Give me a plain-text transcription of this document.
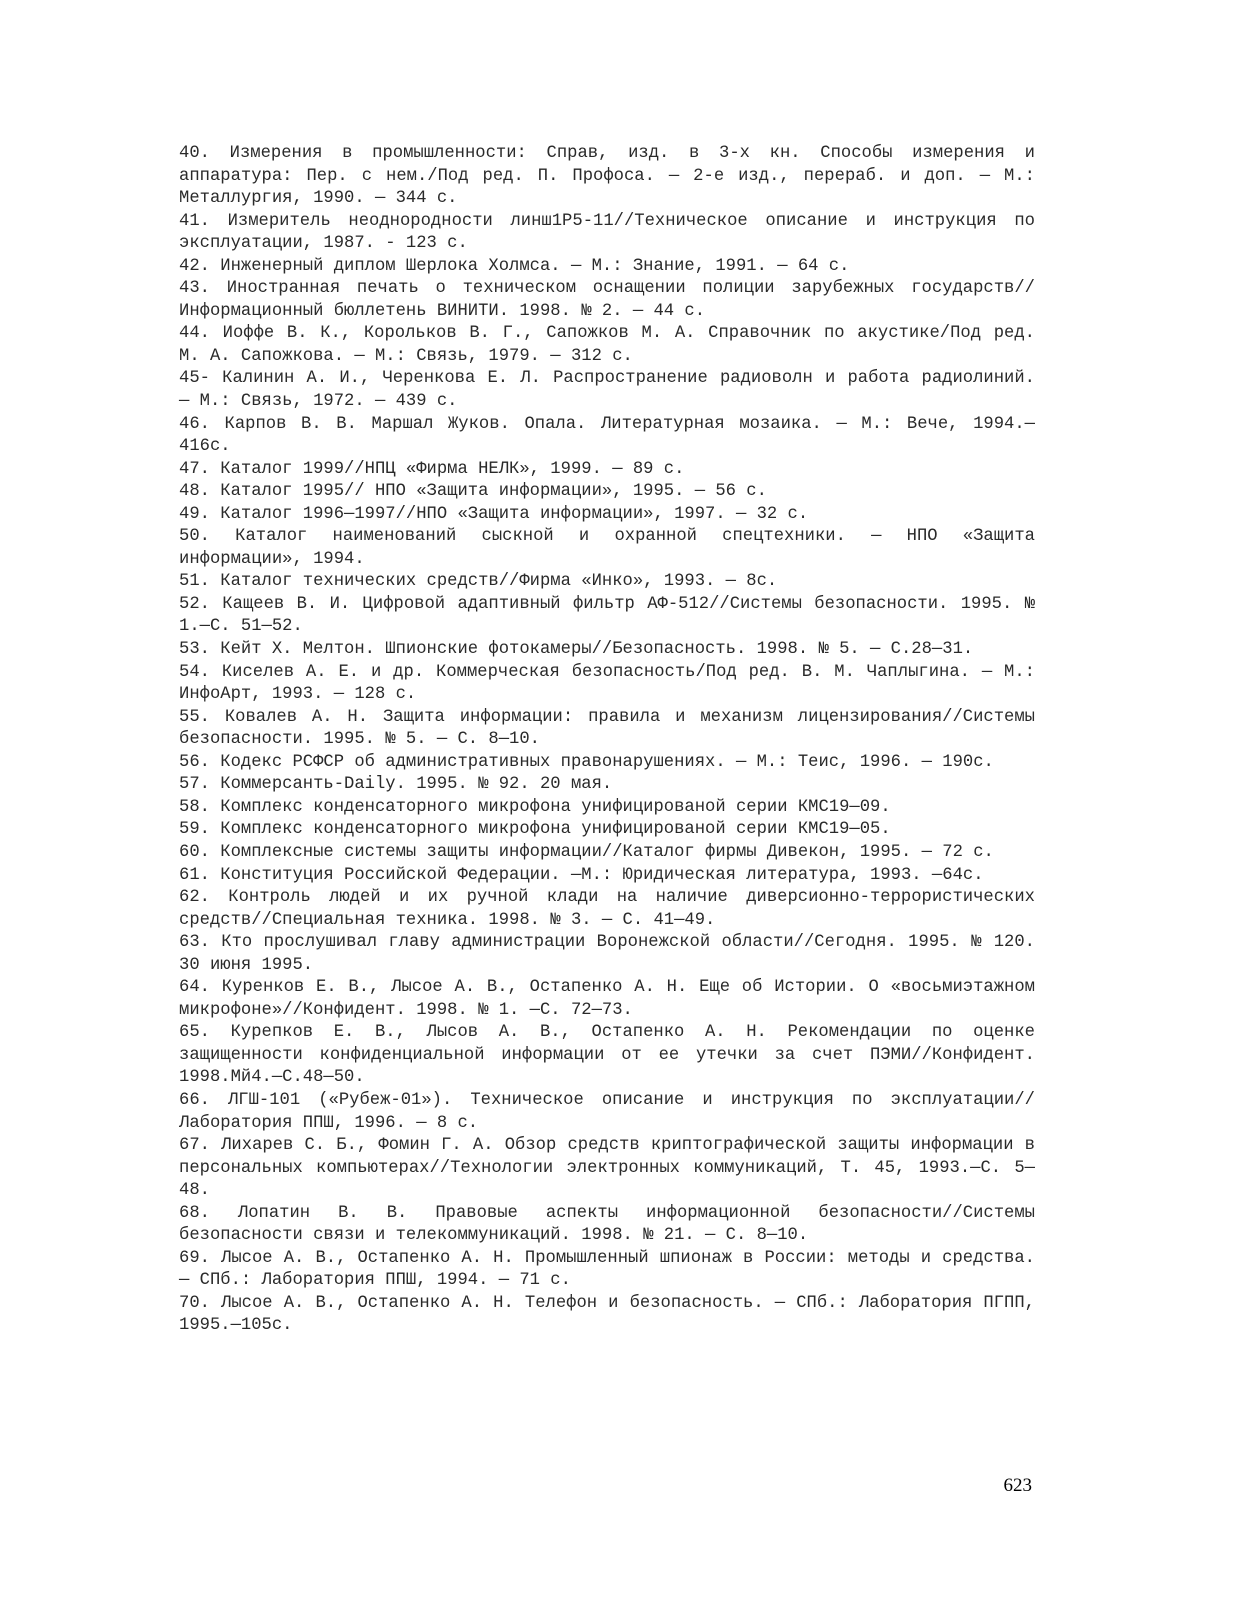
40. Измерения в промышленности: Справ, изд. в 3-х кн. Способы измерения и аппаратура: Пер. с нем./Под ред. П. Профоса. — 2-е изд., перераб. и доп. — М.: Металлургия, 1990. — 344 с.

41. Измеритель неоднородности линш1Р5-11//Техническое описание и инструкция по эксплуатации, 1987. - 123 с.

42. Инженерный диплом Шерлока Холмса. — М.: Знание, 1991. — 64 с.

43. Иностранная печать о техническом оснащении полиции зарубежных государств//Информационный бюллетень ВИНИТИ. 1998. № 2. — 44 с.

44. Иоффе В. К., Корольков В. Г., Сапожков М. А. Справочник по акустике/Под ред. М. А. Сапожкова. — М.: Связь, 1979. — 312 с.

45- Калинин А. И., Черенкова Е. Л. Распространение радиоволн и работа радиолиний. — М.: Связь, 1972. — 439 с.

46. Карпов В. В. Маршал Жуков. Опала. Литературная мозаика. — М.: Вече, 1994.—416с.

47. Каталог 1999//НПЦ «Фирма НЕЛК», 1999. — 89 с.

48. Каталог 1995// НПО «Защита информации», 1995. — 56 с.

49. Каталог 1996—1997//НПО «Защита информации», 1997. — 32 с.

50. Каталог наименований сыскной и охранной спецтехники. — НПО «Защита информации», 1994.

51. Каталог технических средств//Фирма «Инко», 1993. — 8с.

52. Кащеев В. И. Цифровой адаптивный фильтр АФ-512//Системы безопасности. 1995. № 1.—С. 51—52.

53. Кейт X. Мелтон. Шпионские фотокамеры//Безопасность. 1998. № 5. — С.28—31.

54. Киселев А. Е. и др. Коммерческая безопасность/Под ред. В. М. Чаплыгина. — М.: ИнфоАрт, 1993. — 128 с.

55. Ковалев А. Н. Защита информации: правила и механизм лицензирования//Системы безопасности. 1995. № 5. — С. 8—10.

56. Кодекс РСФСР об административных правонарушениях. — М.: Теис, 1996. — 190с.

57. Коммерсанть-Daily. 1995. № 92. 20 мая.

58. Комплекс конденсаторного микрофона унифицированой серии КМС19—09.

59. Комплекс конденсаторного микрофона унифицированой серии КМС19—05.

60. Комплексные системы защиты информации//Каталог фирмы Дивекон, 1995. — 72 с.

61. Конституция Российской Федерации. —М.: Юридическая литература, 1993. —64с.

62. Контроль людей и их ручной клади на наличие диверсионно-террористических средств//Специальная техника. 1998. № 3. — С. 41—49.

63. Кто прослушивал главу администрации Воронежской области//Сегодня. 1995. № 120. 30 июня 1995.

64. Куренков Е. В., Лысое А. В., Остапенко А. Н. Еще об Истории. О «восьмиэтажном микрофоне»//Конфидент. 1998. № 1. —С. 72—73.

65. Курепков Е. В., Лысов А. В., Остапенко А. Н. Рекомендации по оценке защищенности конфиденциальной информации от ее утечки за счет ПЭМИ//Конфидент. 1998.Мй4.—С.48—50.

66. ЛГШ-101 («Рубеж-01»). Техническое описание и инструкция по эксплуатации// Лаборатория ППШ, 1996. — 8 с.

67. Лихарев С. Б., Фомин Г. А. Обзор средств криптографической защиты информации в персональных компьютерах//Технологии электронных коммуникаций, Т. 45, 1993.—С. 5—48.

68. Лопатин В. В. Правовые аспекты информационной безопасности//Системы безопасности связи и телекоммуникаций. 1998. № 21. — С. 8—10.

69. Лысое А. В., Остапенко А. Н. Промышленный шпионаж в России: методы и средства. — СПб.: Лаборатория ППШ, 1994. — 71 с.

70. Лысое А. В., Остапенко А. Н. Телефон и безопасность. — СПб.: Лаборатория ПГПП, 1995.—105с.

623
